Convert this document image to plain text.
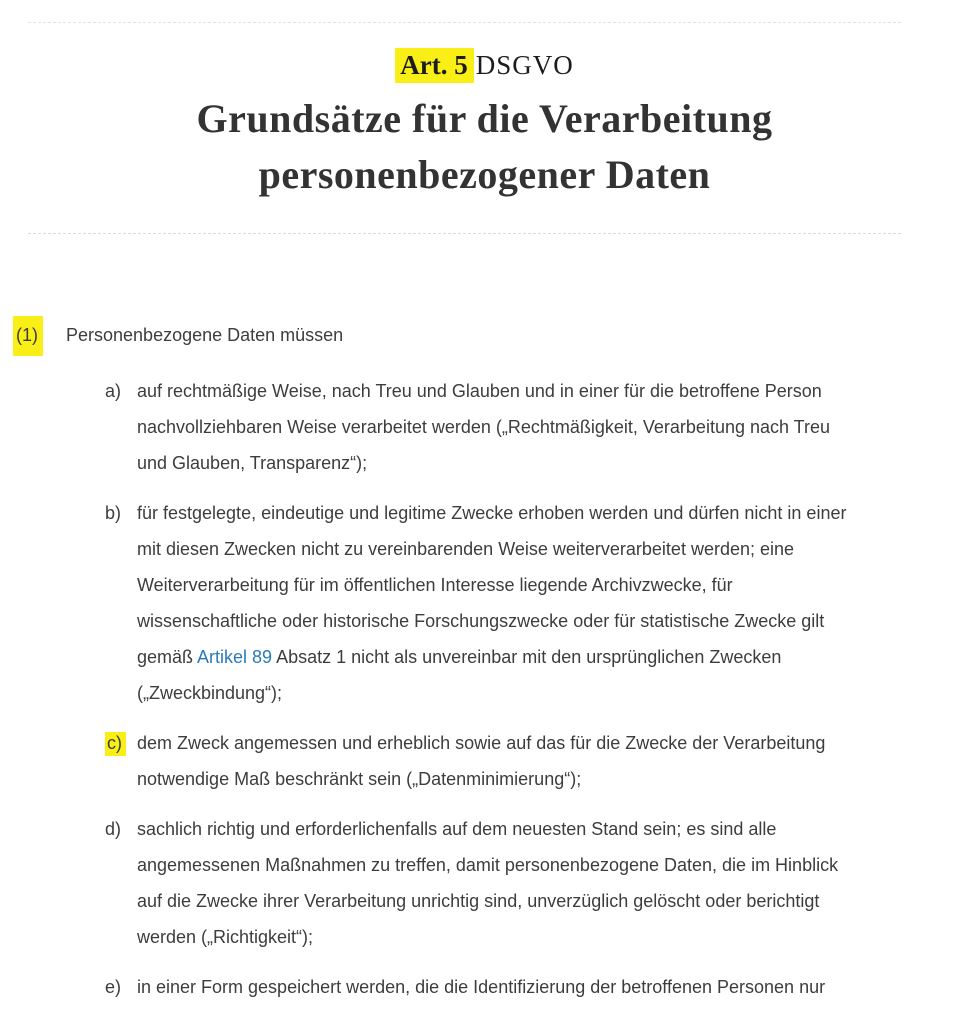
Art. 5 DSGVO
Grundsätze für die Verarbeitung
personenbezogener Daten
(1) Personenbezogene Daten müssen
a) auf rechtmäßige Weise, nach Treu und Glauben und in einer für die betroffene Person nachvollziehbaren Weise verarbeitet werden („Rechtmäßigkeit, Verarbeitung nach Treu und Glauben, Transparenz“);
b) für festgelegte, eindeutige und legitime Zwecke erhoben werden und dürfen nicht in einer mit diesen Zwecken nicht zu vereinbarenden Weise weiterverarbeitet werden; eine Weiterverarbeitung für im öffentlichen Interesse liegende Archivzwecke, für wissenschaftliche oder historische Forschungszwecke oder für statistische Zwecke gilt gemäß Artikel 89 Absatz 1 nicht als unvereinbar mit den ursprünglichen Zwecken („Zweckbindung“);
c) dem Zweck angemessen und erheblich sowie auf das für die Zwecke der Verarbeitung notwendige Maß beschränkt sein („Datenminimierung“);
d) sachlich richtig und erforderlichenfalls auf dem neuesten Stand sein; es sind alle angemessenen Maßnahmen zu treffen, damit personenbezogene Daten, die im Hinblick auf die Zwecke ihrer Verarbeitung unrichtig sind, unverzüglich gelöscht oder berichtigt werden („Richtigkeit“);
e) in einer Form gespeichert werden, die die Identifizierung der betroffenen Personen nur
